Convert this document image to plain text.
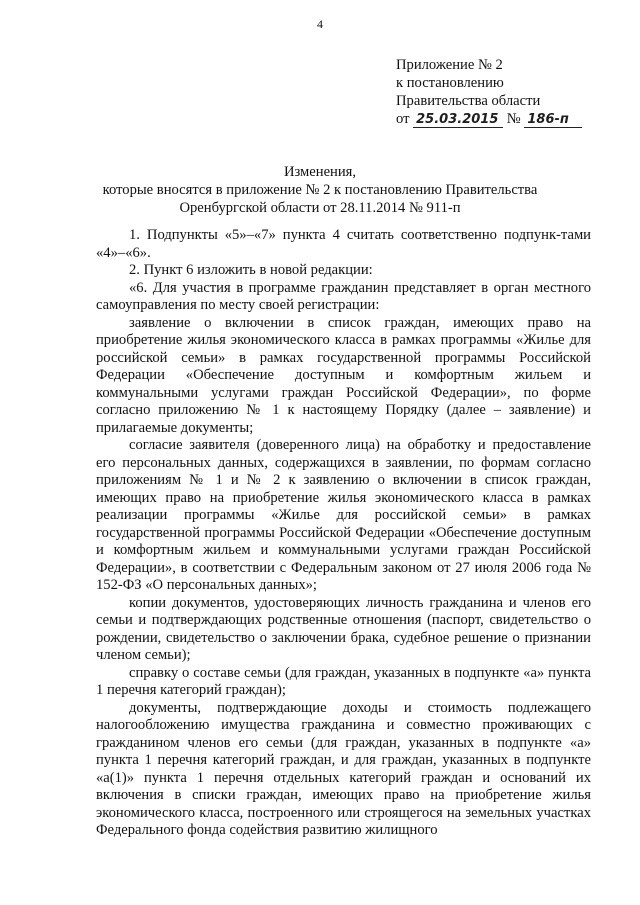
4
Приложение № 2
к постановлению
Правительства области
от 25.03.2015 № 186-п
Изменения,
которые вносятся в приложение № 2 к постановлению Правительства
Оренбургской области от 28.11.2014 № 911-п

1. Подпункты «5»–«7» пункта 4 считать соответственно подпунк-тами «4»–«6».

2. Пункт 6 изложить в новой редакции:

«6. Для участия в программе гражданин представляет в орган местного самоуправления по месту своей регистрации:

заявление о включении в список граждан, имеющих право на приобретение жилья экономического класса в рамках программы «Жилье для российской семьи» в рамках государственной программы Российской Федерации «Обеспечение доступным и комфортным жильем и коммунальными услугами граждан Российской Федерации», по форме согласно приложению № 1 к настоящему Порядку (далее – заявление) и прилагаемые документы;

согласие заявителя (доверенного лица) на обработку и предоставление его персональных данных, содержащихся в заявлении, по формам согласно приложениям № 1 и № 2 к заявлению о включении в список граждан, имеющих право на приобретение жилья экономического класса в рамках реализации программы «Жилье для российской семьи» в рамках государственной программы Российской Федерации «Обеспечение доступным и комфортным жильем и коммунальными услугами граждан Российской Федерации», в соответствии с Федеральным законом от 27 июля 2006 года № 152-ФЗ «О персональных данных»;

копии документов, удостоверяющих личность гражданина и членов его семьи и подтверждающих родственные отношения (паспорт, свидетельство о рождении, свидетельство о заключении брака, судебное решение о признании членом семьи);

справку о составе семьи (для граждан, указанных в подпункте «а» пункта 1 перечня категорий граждан);

документы, подтверждающие доходы и стоимость подлежащего налогообложению имущества гражданина и совместно проживающих с гражданином членов его семьи (для граждан, указанных в подпункте «а» пункта 1 перечня категорий граждан, и для граждан, указанных в подпункте «а(1)» пункта 1 перечня отдельных категорий граждан и оснований их включения в списки граждан, имеющих право на приобретение жилья экономического класса, построенного или строящегося на земельных участках Федерального фонда содействия развитию жилищного
